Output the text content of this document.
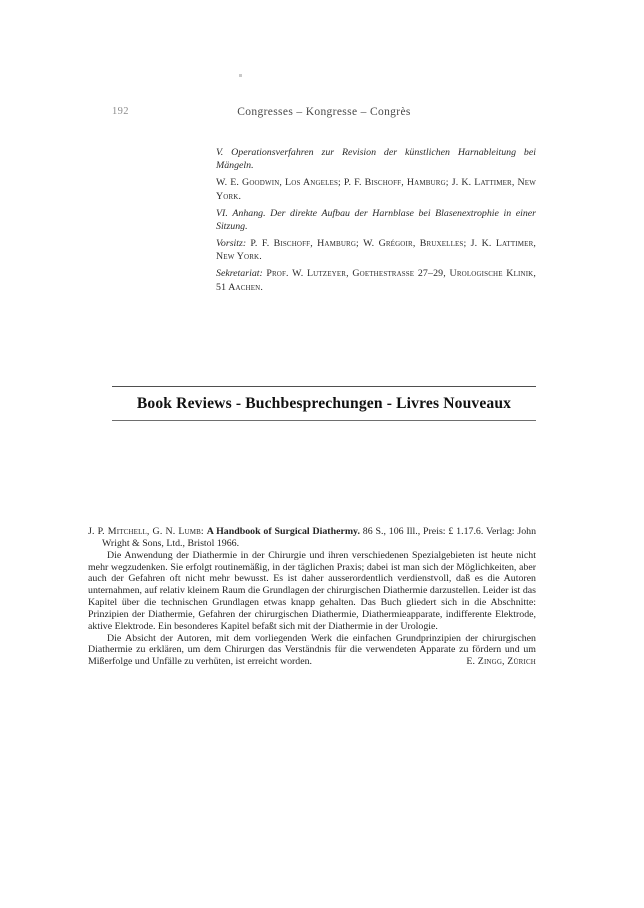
192	Congresses – Kongresse – Congrès

V. Operationsverfahren zur Revision der künstlichen Harnableitung bei Mängeln.

W. E. Goodwin, Los Angeles; P. F. Bischoff, Hamburg; J. K. Lattimer, New York.

VI. Anhang. Der direkte Aufbau der Harnblase bei Blasenextrophie in einer Sitzung.

Vorsitz: P. F. Bischoff, Hamburg; W. Grégoir, Bruxelles; J. K. Lattimer, New York.

Sekretariat: Prof. W. Lutzeyer, Goethestraße 27–29, Urologische Klinik, 51 Aachen.

Book Reviews - Buchbesprechungen - Livres Nouveaux

J. P. Mitchell, G. N. Lumb: A Handbook of Surgical Diathermy. 86 S., 106 Ill., Preis: £ 1.17.6. Verlag: John Wright & Sons, Ltd., Bristol 1966.

Die Anwendung der Diathermie in der Chirurgie und ihren verschiedenen Spezialgebieten ist heute nicht mehr wegzudenken. Sie erfolgt routinemäßig, in der täglichen Praxis; dabei ist man sich der Möglichkeiten, aber auch der Gefahren oft nicht mehr bewusst. Es ist daher ausserordentlich verdienstvoll, daß es die Autoren unternahmen, auf relativ kleinem Raum die Grundlagen der chirurgischen Diathermie darzustellen. Leider ist das Kapitel über die technischen Grundlagen etwas knapp gehalten. Das Buch gliedert sich in die Abschnitte: Prinzipien der Diathermie, Gefahren der chirurgischen Diathermie, Diathermieapparate, indifferente Elektrode, aktive Elektrode. Ein besonderes Kapitel befaßt sich mit der Diathermie in der Urologie.

Die Absicht der Autoren, mit dem vorliegenden Werk die einfachen Grundprinzipien der chirurgischen Diathermie zu erklären, um dem Chirurgen das Verständnis für die verwendeten Apparate zu fördern und um Mißerfolge und Unfälle zu verhüten, ist erreicht worden.	E. Zingg, Zürich
